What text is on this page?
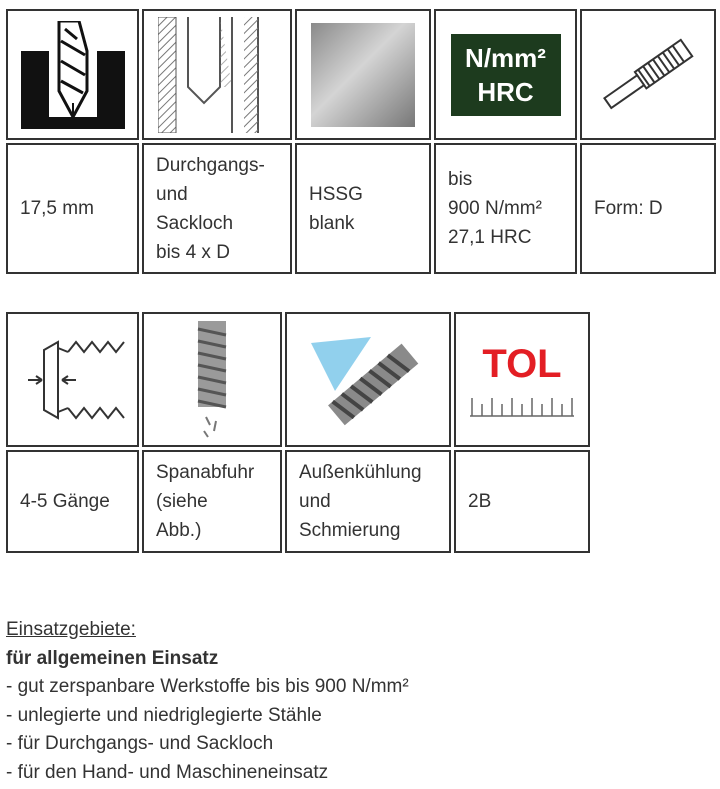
N/mm²
HRC
17,5 mm
Durchgangs-
und
Sackloch
bis 4 x D
HSSG
blank
bis
900 N/mm²
27,1 HRC
Form: D
TOL
4-5 Gänge
Spanabfuhr
(siehe
Abb.)
Außenkühlung
und
Schmierung
2B
Einsatzgebiete:
für allgemeinen Einsatz
- gut zerspanbare Werkstoffe bis bis 900 N/mm²
- unlegierte und niedriglegierte Stähle
- für Durchgangs- und Sackloch
- für den Hand- und Maschineneinsatz
